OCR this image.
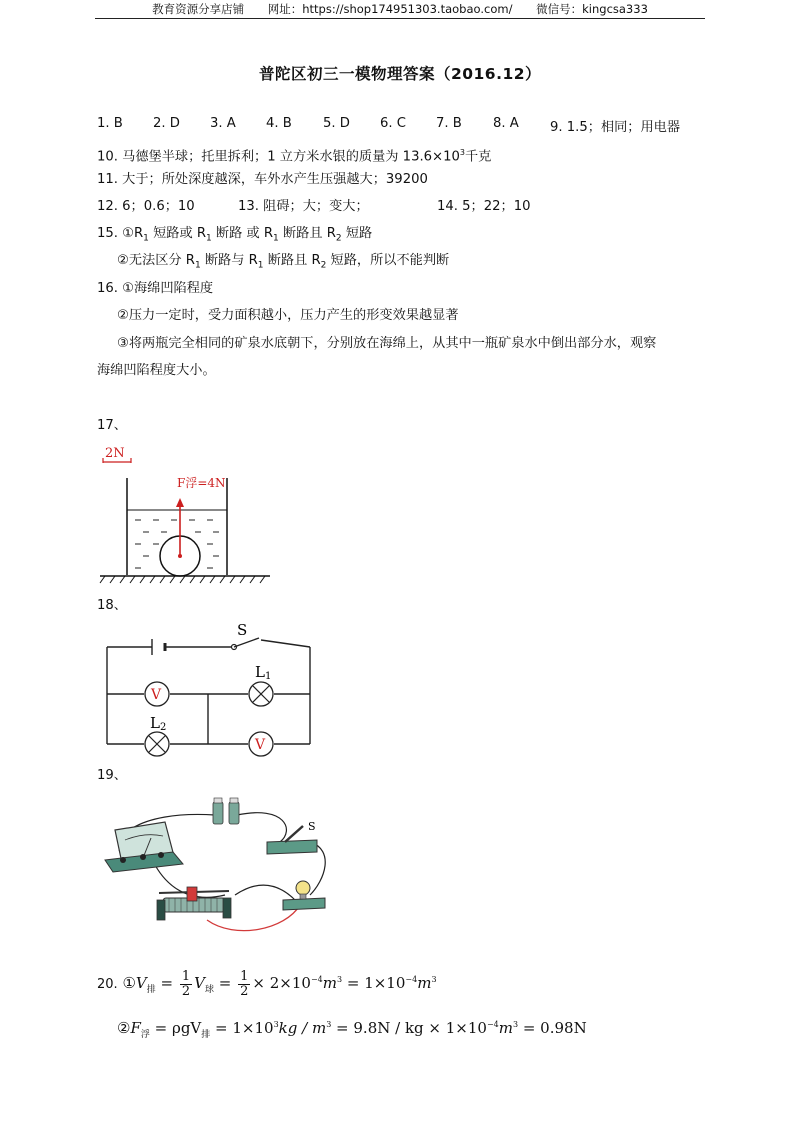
教育资源分享店铺 网址：https://shop174951303.taobao.com/ 微信号：kingcsa333
普陀区初三一模物理答案（2016.12）
1. B 2. D 3. A 4. B 5. D 6. C 7. B 8. A 9. 1.5；相同；用电器
10. 马德堡半球；托里拆利；1 立方米水银的质量为 $13.6\times 10^3$千克
11. 大于；所处深度越深，车外水产生压强越大；39200
12. 6；0.6；10	13. 阻碍；大；变大；	14. 5；22；10
15. $①R_1$ 短路或 $R_1$ 断路 或 $R_1$ 断路且 $R_2$ 短路
②无法区分 $R_1$ 断路与 $R_1$ 断路且 $R_2$ 短路，所以不能判断
16. ①海绵凹陷程度
②压力一定时，受力面积越小，压力产生的形变效果越显著
③将两瓶完全相同的矿泉水底朝下，分别放在海绵上，从其中一瓶矿泉水中倒出部分水，观察
海绵凹陷程度大小。
17、
2N
F浮=4N
18、
S
V
L1
L2
V
19、
S
20. $①V_排 = \frac{1}{2} V_球 = \frac{1}{2} \times 2\times 10^{-4}m^3 = 1\times 10^{-4}m^3$
$②F_浮 = \rho gV_排 = 1\times 10^3kg / m^3 = 9.8N$ / kg × $1\times 10^{-4}m^3 = 0.98N$
